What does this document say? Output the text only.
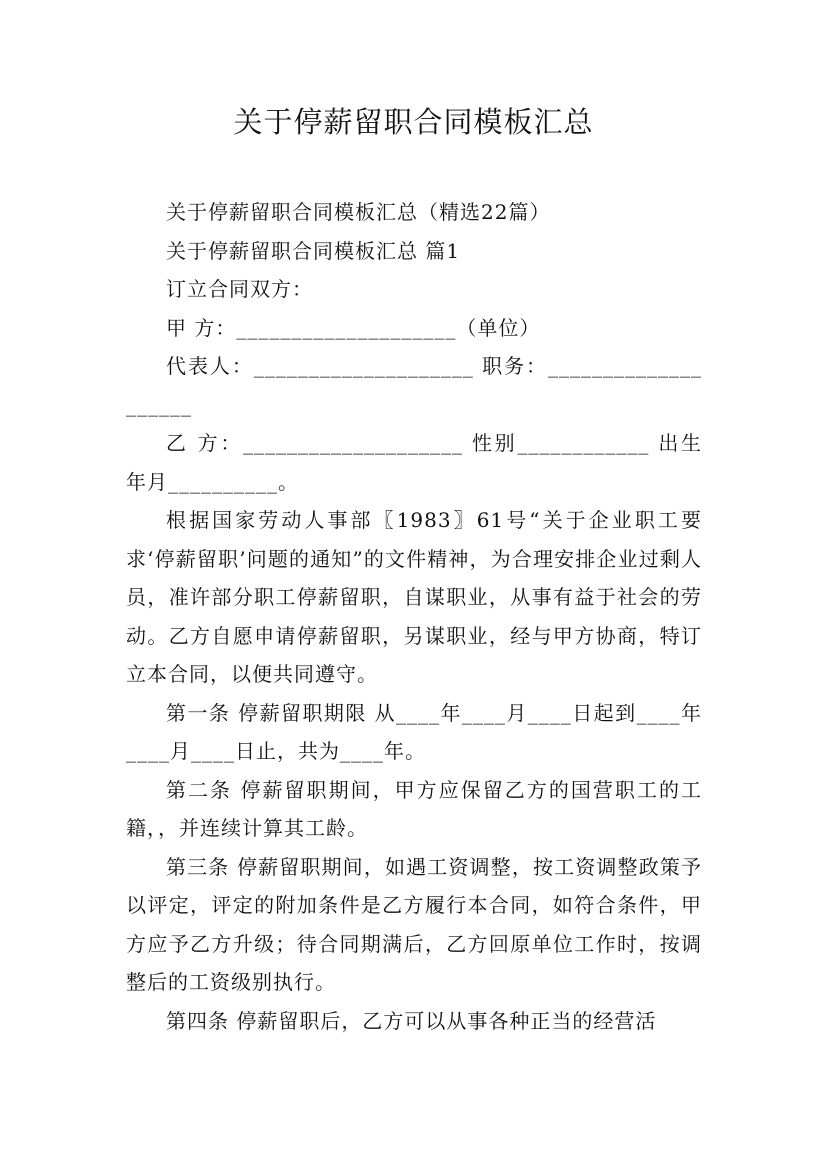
关于停薪留职合同模板汇总

关于停薪留职合同模板汇总（精选22篇）

关于停薪留职合同模板汇总 篇1

订立合同双方：

甲 方：____________________（单位）

代表人：____________________ 职务：____________________

乙 方：____________________ 性别____________ 出生年月__________。

根据国家劳动人事部〖1983〗61号“关于企业职工要求‘停薪留职’问题的通知”的文件精神，为合理安排企业过剩人员，准许部分职工停薪留职，自谋职业，从事有益于社会的劳动。乙方自愿申请停薪留职，另谋职业，经与甲方协商，特订立本合同，以便共同遵守。

第一条 停薪留职期限 从____年____月____日起到____年____月____日止，共为____年。

第二条 停薪留职期间，甲方应保留乙方的国营职工的工籍，，并连续计算其工龄。

第三条 停薪留职期间，如遇工资调整，按工资调整政策予以评定，评定的附加条件是乙方履行本合同，如符合条件，甲方应予乙方升级；待合同期满后，乙方回原单位工作时，按调整后的工资级别执行。

第四条 停薪留职后，乙方可以从事各种正当的经营活
